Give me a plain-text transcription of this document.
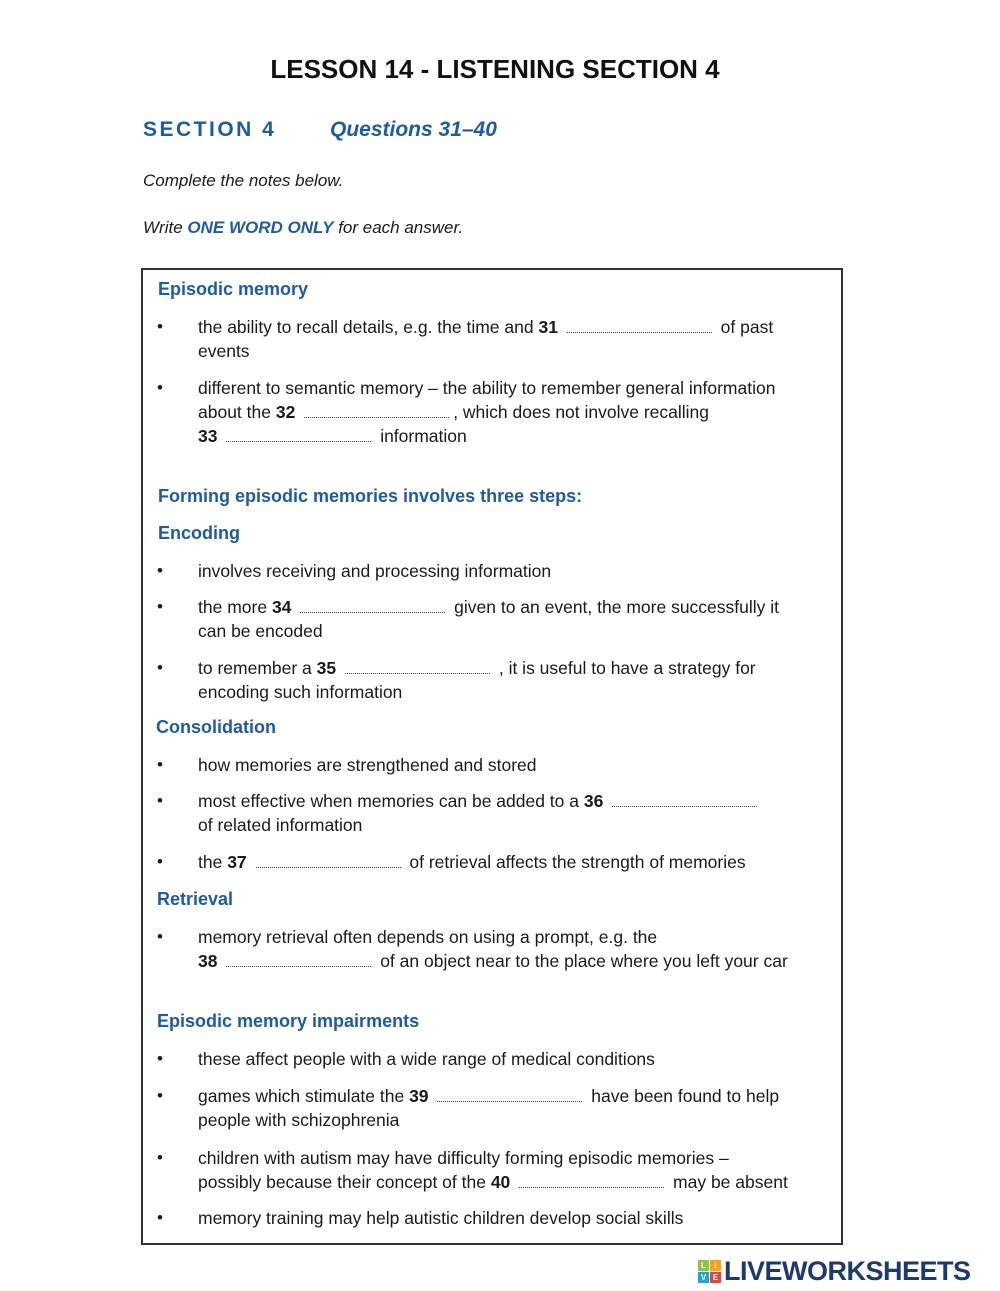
LESSON 14 - LISTENING SECTION 4
SECTION 4	Questions 31–40
Complete the notes below.
Write ONE WORD ONLY for each answer.
Episodic memory
• the ability to recall details, e.g. the time and 31	of past
events
• different to semantic memory – the ability to remember general information
about the 32	, which does not involve recalling
33	information
Forming episodic memories involves three steps:
Encoding
• involves receiving and processing information
• the more 34	given to an event, the more successfully it
can be encoded
• to remember a 35	, it is useful to have a strategy for
encoding such information
Consolidation
• how memories are strengthened and stored
• most effective when memories can be added to a 36
of related information
• the 37	of retrieval affects the strength of memories
Retrieval
• memory retrieval often depends on using a prompt, e.g. the
38	of an object near to the place where you left your car
Episodic memory impairments
• these affect people with a wide range of medical conditions
• games which stimulate the 39	have been found to help
people with schizophrenia
• children with autism may have difficulty forming episodic memories –
possibly because their concept of the 40	may be absent
• memory training may help autistic children develop social skills
L	I
V E LIVEWORKSHEETS
